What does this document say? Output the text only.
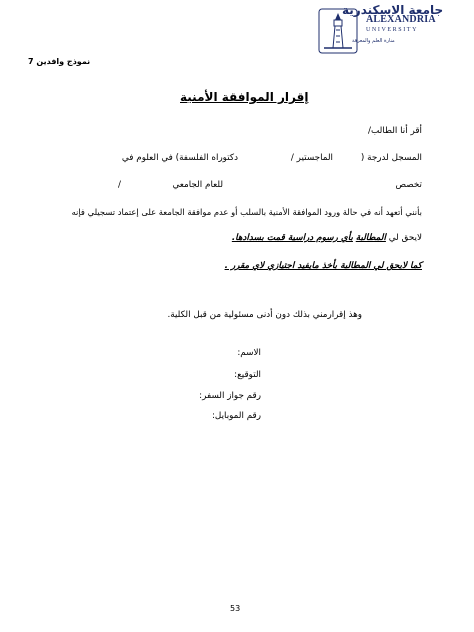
جامعة الاسكندرية
ALEXANDRIA
UNIVERSITY
منارة العلم والمعرفة
نموذج وافدين 7
إقرار الموافقة الأمنية
أقر أنا الطالب/
المسجل لدرجة (
الماجستير /
دكتوراه الفلسفة) في العلوم في
تخصص
للعام الجامعي
/
بأنني أتعهد أنه في حالة ورود الموافقة الأمنية بالسلب أو عدم موافقة الجامعة على إعتماد تسجيلي فإنه
لايحق لي المطالبة بأي رسوم دراسية قمت بسدادها.
كما لايحق لي المطالبة بأخذ مايفيد اجتيازي لاي مقرر .
وهذ إقرارمني بذلك دون أدنى مسئولية من قبل الكلية.
الاسم:
التوقيع:
رقم جواز السفر:
رقم الموبايل:
53
